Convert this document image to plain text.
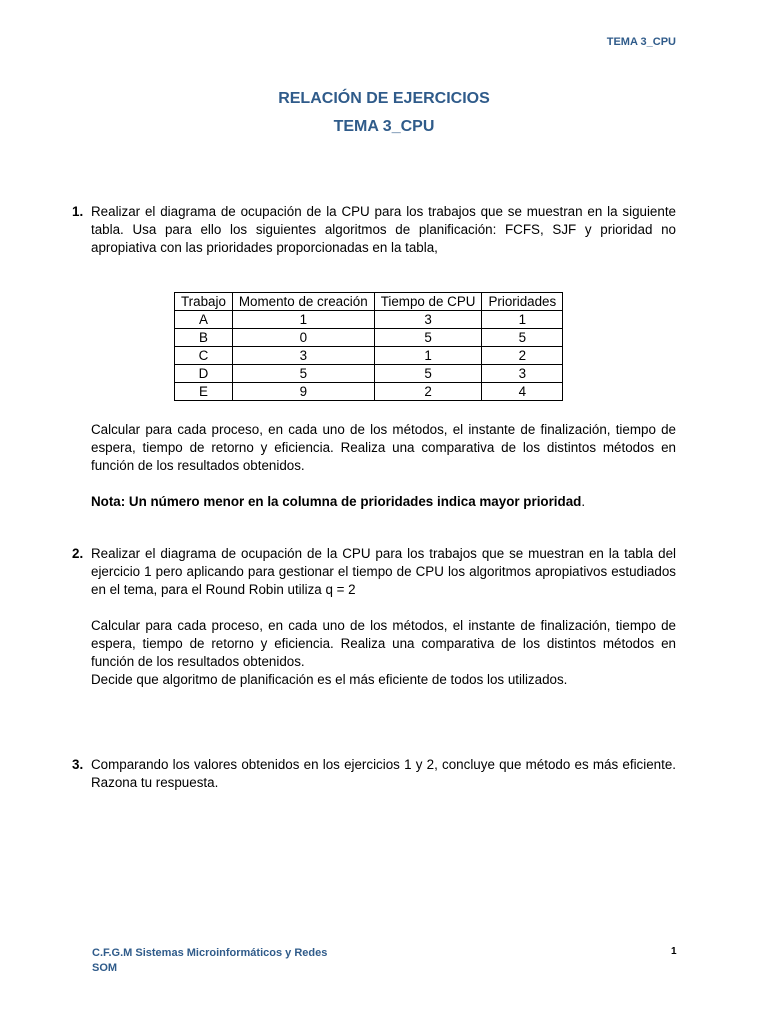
TEMA 3_CPU
RELACIÓN DE EJERCICIOS
TEMA 3_CPU
1. Realizar el diagrama de ocupación de la CPU para los trabajos que se muestran en la siguiente tabla. Usa para ello los siguientes algoritmos de planificación: FCFS, SJF y prioridad no apropiativa con las prioridades proporcionadas en la tabla,

Trabajo	Momento de creación	Tiempo de CPU	Prioridades
A	1	3	1
B	0	5	5
C	3	1	2
D	5	5	3
E	9	2	4

Calcular para cada proceso, en cada uno de los métodos, el instante de finalización, tiempo de espera, tiempo de retorno y eficiencia. Realiza una comparativa de los distintos métodos en función de los resultados obtenidos.

Nota: Un número menor en la columna de prioridades indica mayor prioridad.

2. Realizar el diagrama de ocupación de la CPU para los trabajos que se muestran en la tabla del ejercicio 1 pero aplicando para gestionar el tiempo de CPU los algoritmos apropiativos estudiados en el tema, para el Round Robin utiliza q = 2

Calcular para cada proceso, en cada uno de los métodos, el instante de finalización, tiempo de espera, tiempo de retorno y eficiencia. Realiza una comparativa de los distintos métodos en función de los resultados obtenidos.

Decide que algoritmo de planificación es el más eficiente de todos los utilizados.

3. Comparando los valores obtenidos en los ejercicios 1 y 2, concluye que método es más eficiente. Razona tu respuesta.

C.F.G.M Sistemas Microinformáticos y Redes
SOM
1
